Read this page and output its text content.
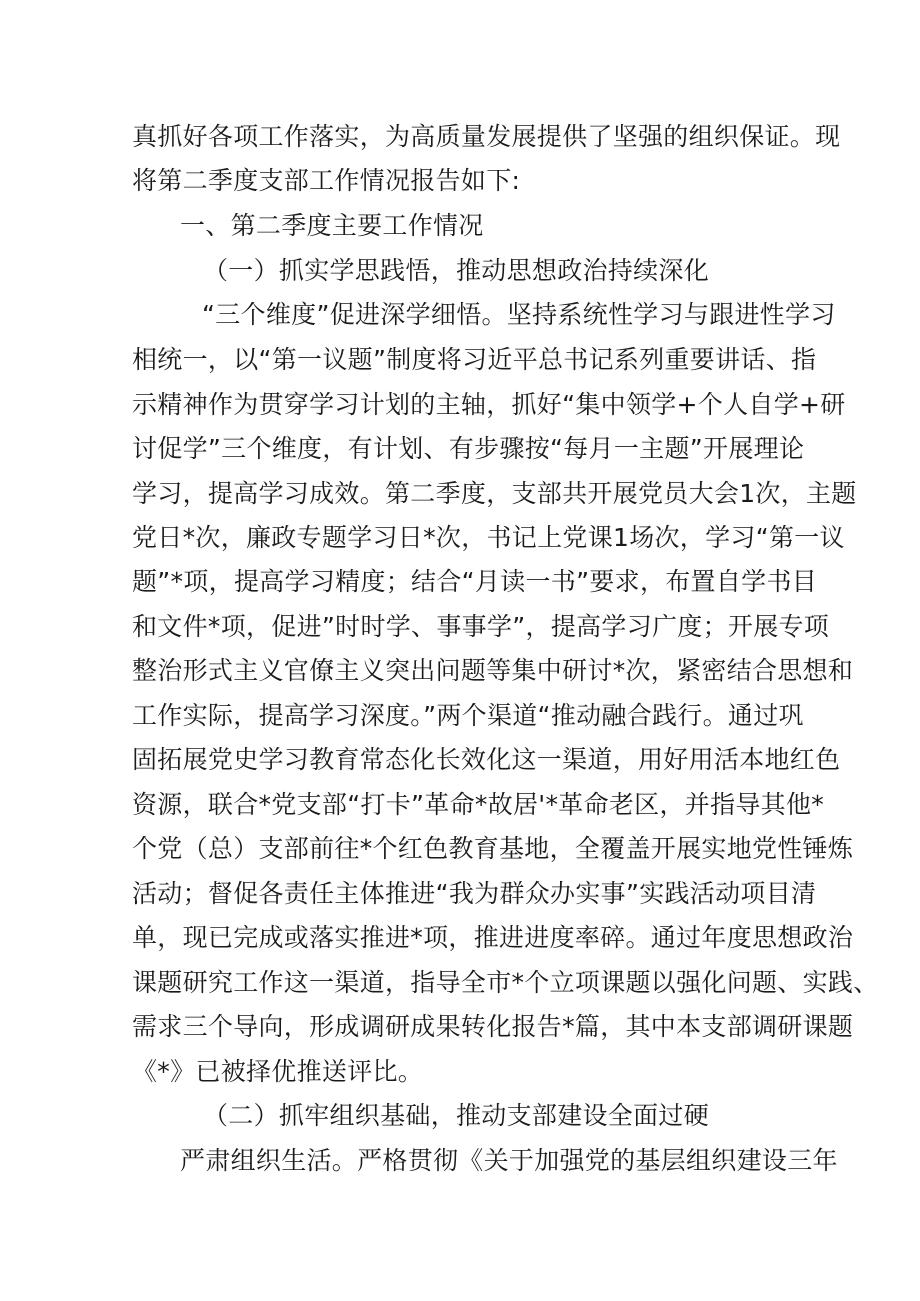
真抓好各项工作落实，为高质量发展提供了坚强的组织保证。现
将第二季度支部工作情况报告如下:
一、第二季度主要工作情况
（一）抓实学思践悟，推动思想政治持续深化
“三个维度”促进深学细悟。坚持系统性学习与跟进性学习
相统一，以“第一议题”制度将习近平总书记系列重要讲话、指
示精神作为贯穿学习计划的主轴，抓好“集中领学+个人自学+研
讨促学”三个维度，有计划、有步骤按“每月一主题”开展理论
学习，提高学习成效。第二季度，支部共开展党员大会1次，主题
党日*次，廉政专题学习日*次，书记上党课1场次，学习“第一议
题”*项，提高学习精度；结合“月读一书”要求，布置自学书目
和文件*项，促进”时时学、事事学”，提高学习广度；开展专项
整治形式主义官僚主义突出问题等集中研讨*次，紧密结合思想和
工作实际，提高学习深度。”两个渠道“推动融合践行。通过巩
固拓展党史学习教育常态化长效化这一渠道，用好用活本地红色
资源，联合*党支部“打卡”革命*故居'*革命老区，并指导其他*
个党（总）支部前往*个红色教育基地，全覆盖开展实地党性锤炼
活动；督促各责任主体推进“我为群众办实事”实践活动项目清
单，现已完成或落实推进*项，推进进度率碎。通过年度思想政治
课题研究工作这一渠道，指导全市*个立项课题以强化问题、实践、
需求三个导向，形成调研成果转化报告*篇，其中本支部调研课题
《*》已被择优推送评比。
（二）抓牢组织基础，推动支部建设全面过硬
严肃组织生活。严格贯彻《关于加强党的基层组织建设三年
